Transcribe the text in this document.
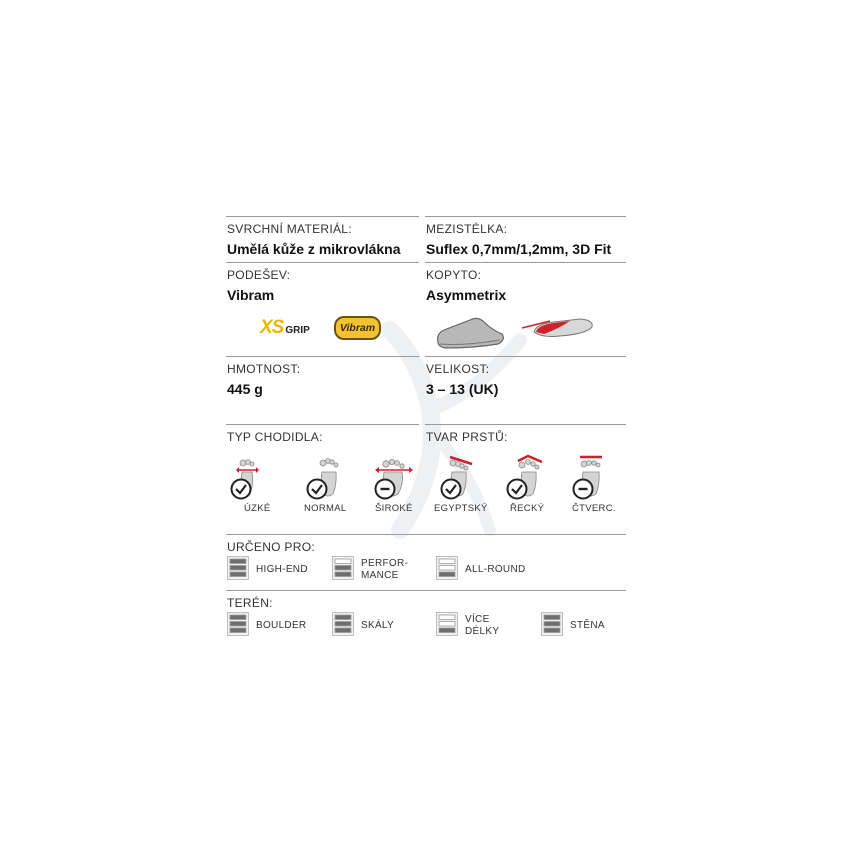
SVRCHNÍ MATERIÁL:
Umělá kůže z mikrovlákna
MEZISTÉLKA:
Suflex 0,7mm/1,2mm, 3D Fit
PODEŠEV:
Vibram
KOPYTO:
Asymmetrix
XS GRIP	Vibram
HMOTNOST:
445 g
VELIKOST:
3 – 13 (UK)
TYP CHODIDLA:	TVAR PRSTŮ:
ÚZKÉ	NORMAL	ŠIROKÉ EGYPTSKÝ ŘECKÝ	ČTVERC.
URČENO PRO:
HIGH-END
PERFOR-
MANCE
ALL-ROUND
TERÉN:
BOULDER	SKÁLY
VÍCE
DÉLKY
STĚNA
